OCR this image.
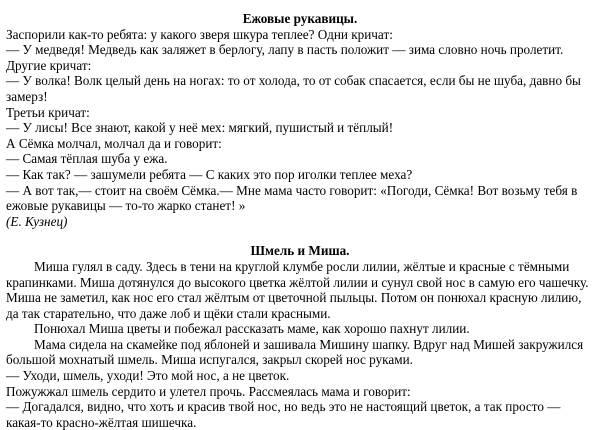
Ежовые рукавицы.

Заспорили как-то ребята: у какого зверя шкура теплее? Одни кричат:

— У медведя! Медведь как заляжет в берлогу, лапу в пасть положит — зима словно ночь пролетит.

Другие кричат:

— У волка! Волк целый день на ногах: то от холода, то от собак спасается, если бы не шуба, давно бы замерз!

Третьи кричат:

— У лисы! Все знают, какой у неё мех: мягкий, пушистый и тёплый!

А Сёмка молчал, молчал да и говорит:

— Самая тёплая шуба у ежа.

— Как так? — зашумели ребята — С каких это пор иголки теплее меха?

— А вот так,— стоит на своём Сёмка.— Мне мама часто говорит: «Погоди, Сёмка! Вот возьму тебя в ежовые рукавицы — то-то жарко станет! »

(Е. Кузнец)

Шмель и Миша.

Миша гулял в саду. Здесь в тени на круглой клумбе росли лилии, жёлтые и красные с тёмными крапинками. Миша дотянулся до высокого цветка жёлтой лилии и сунул свой нос в самую его чашечку. Миша не заметил, как нос его стал жёлтым от цветочной пыльцы. Потом он понюхал красную лилию, да так старательно, что даже лоб и щёки стали красными.

Понюхал Миша цветы и побежал рассказать маме, как хорошо пахнут лилии.

Мама сидела на скамейке под яблоней и зашивала Мишину шапку. Вдруг над Мишей закружился большой мохнатый шмель. Миша испугался, закрыл скорей нос руками.

— Уходи, шмель, уходи! Это мой нос, а не цветок.

Пожужжал шмель сердито и улетел прочь. Рассмеялась мама и говорит:

— Догадался, видно, что хоть и красив твой нос, но ведь это не настоящий цветок, а так просто — какая-то красно-жёлтая шишечка.
